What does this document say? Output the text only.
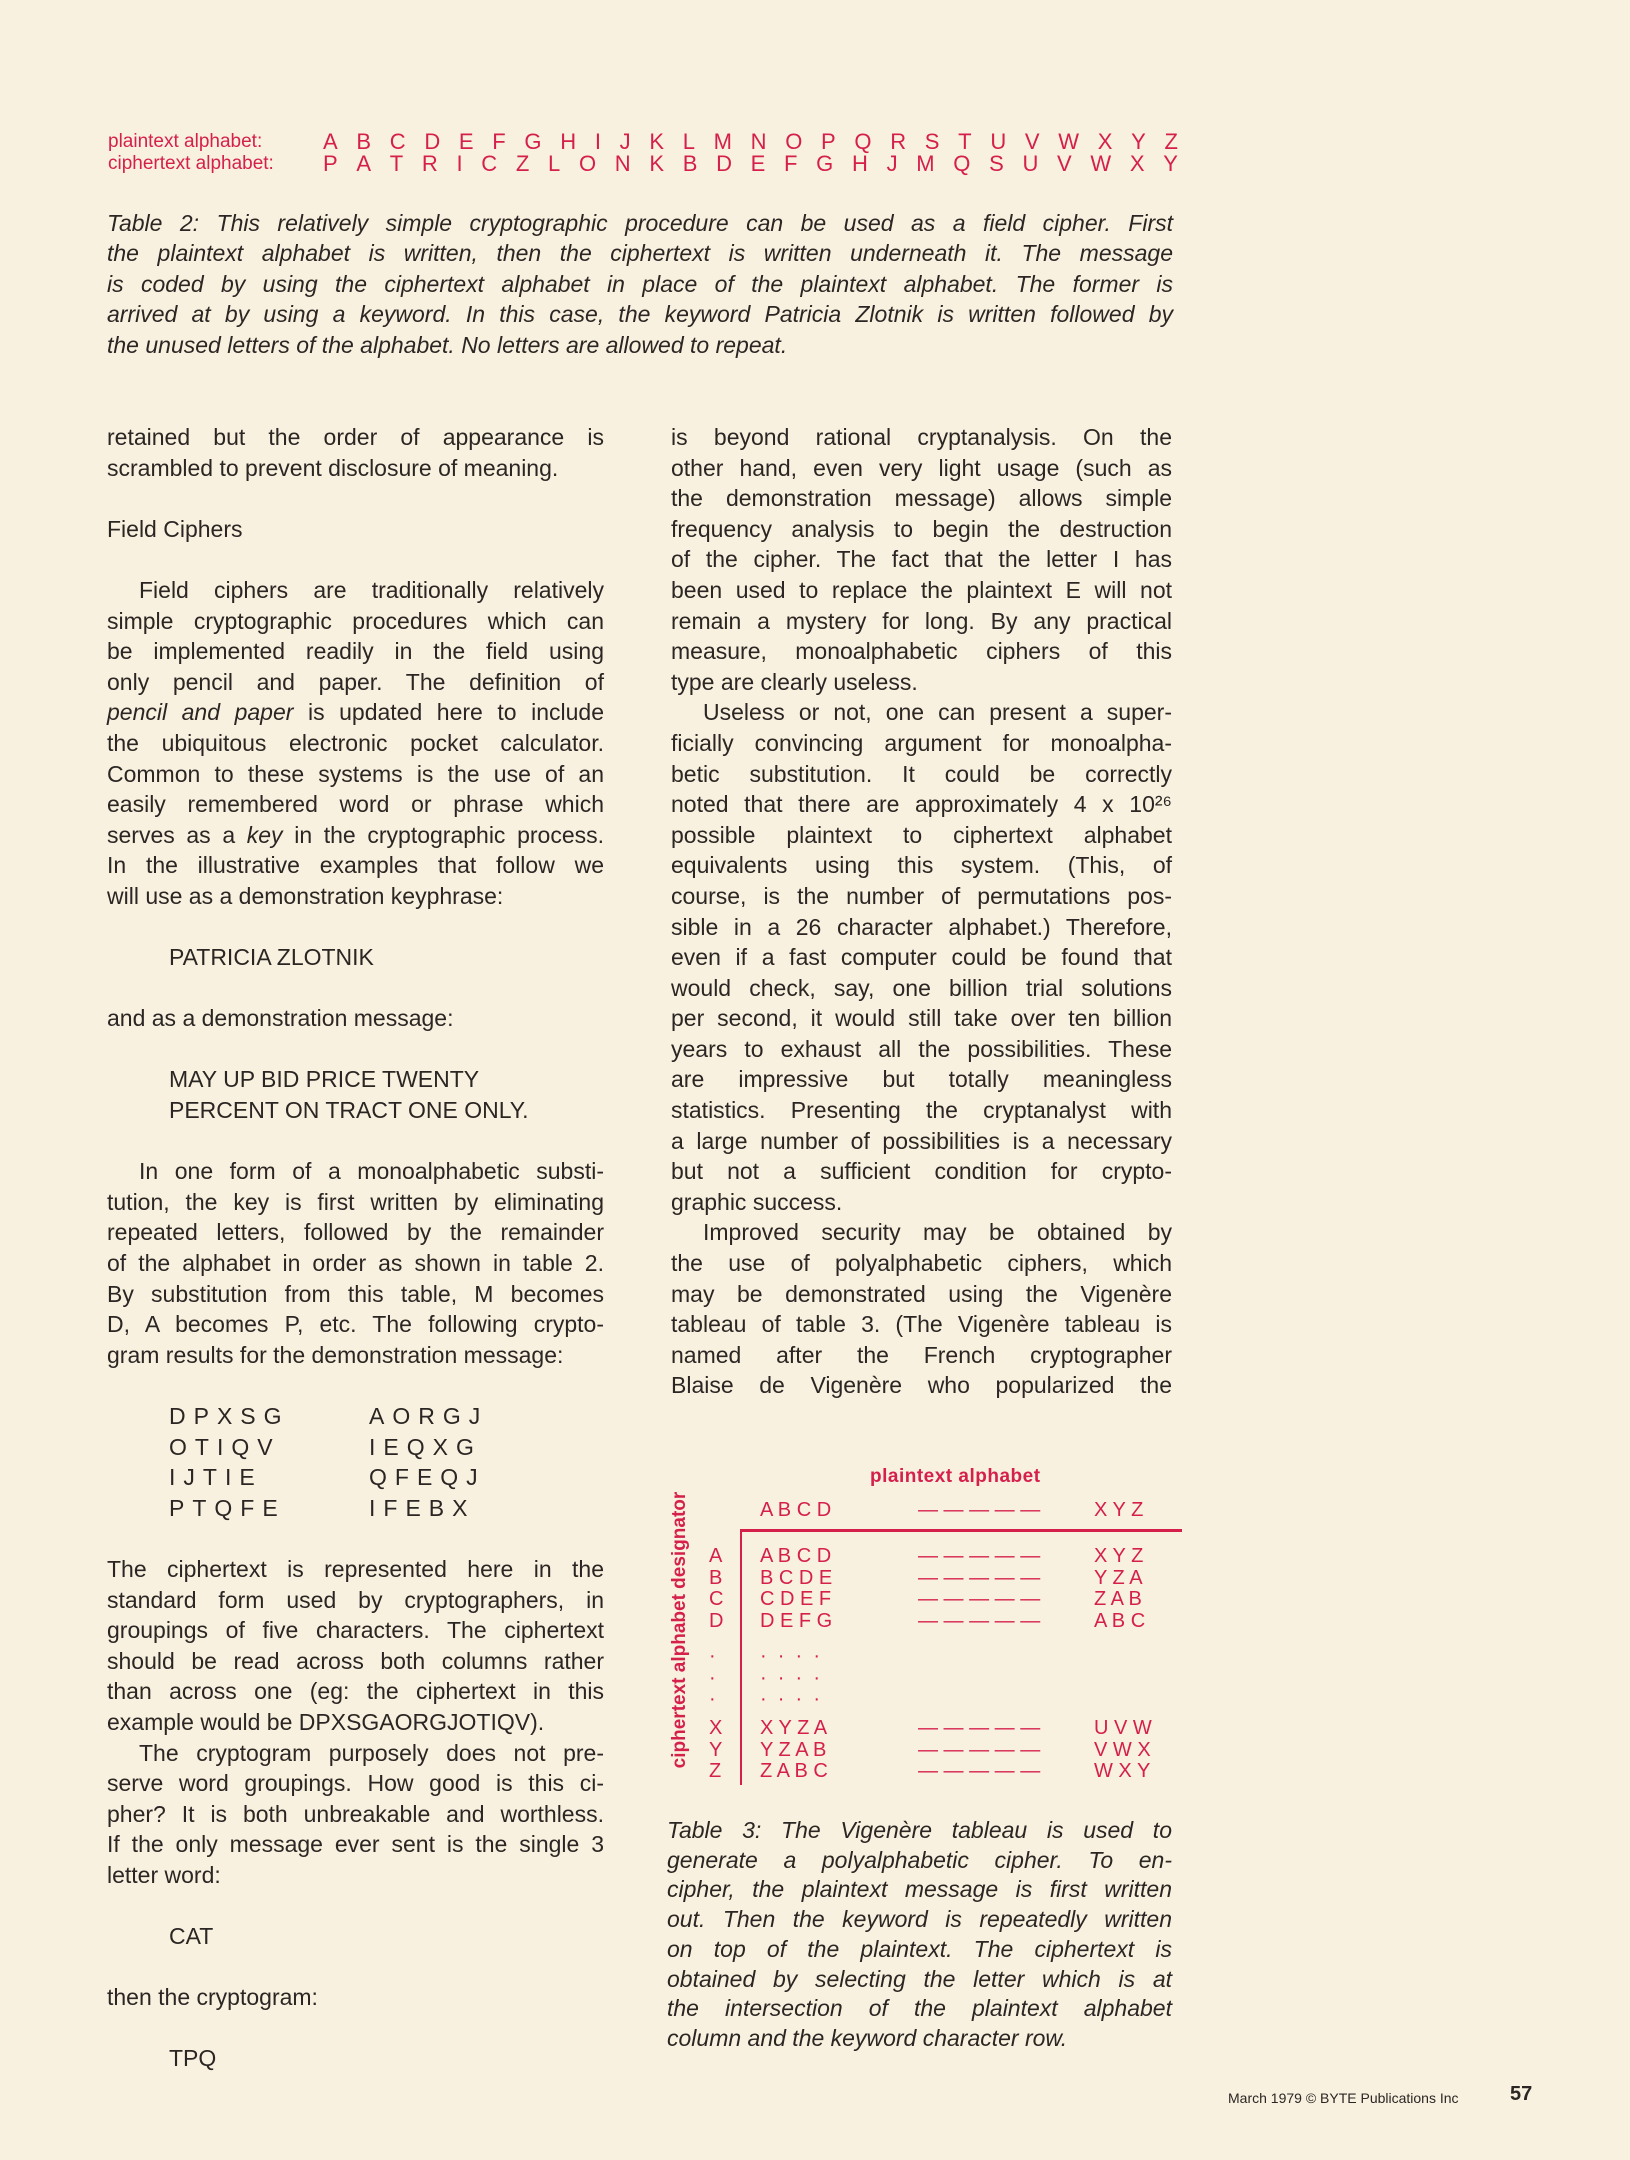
plaintext alphabet:	A B C D E F G H I J K L M N O P Q R S T U V W X Y Z
ciphertext alphabet:	P A T R I C Z L O N K B D E F G H J M Q S U V W X Y
Table 2: This relatively simple cryptographic procedure can be used as a field cipher. First
the plaintext alphabet is written, then the ciphertext is written underneath it. The message
is coded by using the ciphertext alphabet in place of the plaintext alphabet. The former is
arrived at by using a keyword. In this case, the keyword Patricia Zlotnik is written followed by
the unused letters of the alphabet. No letters are allowed to repeat.
retained but the order of appearance is
scrambled to prevent disclosure of meaning.
Field Ciphers
Field ciphers are traditionally relatively
simple cryptographic procedures which can
be implemented readily in the field using
only pencil and paper. The definition of
pencil and paper is updated here to include
the ubiquitous electronic pocket calculator.
Common to these systems is the use of an
easily remembered word or phrase which
serves as a key in the cryptographic process.
In the illustrative examples that follow we
will use as a demonstration keyphrase:
PATRICIA ZLOTNIK
and as a demonstration message:
MAY UP BID PRICE TWENTY
PERCENT ON TRACT ONE ONLY.
In one form of a monoalphabetic substi-
tution, the key is first written by eliminating
repeated letters, followed by the remainder
of the alphabet in order as shown in table 2.
By substitution from this table, M becomes
D, A becomes P, etc. The following crypto-
gram results for the demonstration message:
DPXSG	AORGJ
OTIQV	IEQXG
IJTIE	QFEQJ
PTQFE	IFEBX
The ciphertext is represented here in the
standard form used by cryptographers, in
groupings of five characters. The ciphertext
should be read across both columns rather
than across one (eg: the ciphertext in this
example would be DPXSGAORGJOTIQV).
The cryptogram purposely does not pre-
serve word groupings. How good is this ci-
pher? It is both unbreakable and worthless.
If the only message ever sent is the single 3
letter word:
CAT
then the cryptogram:
TPQ
is beyond rational cryptanalysis. On the
other hand, even very light usage (such as
the demonstration message) allows simple
frequency analysis to begin the destruction
of the cipher. The fact that the letter I has
been used to replace the plaintext E will not
remain a mystery for long. By any practical
measure, monoalphabetic ciphers of this
type are clearly useless.
Useless or not, one can present a super-
ficially convincing argument for monoalpha-
betic substitution. It could be correctly
noted that there are approximately 4 x 10²⁶
possible plaintext to ciphertext alphabet
equivalents using this system. (This, of
course, is the number of permutations pos-
sible in a 26 character alphabet.) Therefore,
even if a fast computer could be found that
would check, say, one billion trial solutions
per second, it would still take over ten billion
years to exhaust all the possibilities. These
are impressive but totally meaningless
statistics. Presenting the cryptanalyst with
a large number of possibilities is a necessary
but not a sufficient condition for crypto-
graphic success.
Improved security may be obtained by
the use of polyalphabetic ciphers, which
may be demonstrated using the Vigenère
tableau of table 3. (The Vigenère tableau is
named after the French cryptographer
Blaise de Vigenère who popularized the
plaintext alphabet
ciphertext alphabet designator	A B C D	— — — — —	X Y Z
A A B C D	— — — — —	X Y Z
B B C D E	— — — — —	Y Z A
C C D E F	— — — — —	Z A B
D D E F G	— — — — —	A B C
· ·  ·  ·  ·
· ·  ·  ·  ·
· ·  ·  ·  ·
X X Y Z A	— — — — —	U V W
Y Y Z A B	— — — — —	V W X
Z Z A B C	— — — — —	W X Y
Table 3: The Vigenère tableau is used to
generate a polyalphabetic cipher. To en-
cipher, the plaintext message is first written
out. Then the keyword is repeatedly written
on top of the plaintext. The ciphertext is
obtained by selecting the letter which is at
the intersection of the plaintext alphabet
column and the keyword character row.
March 1979 © BYTE Publications Inc	57
